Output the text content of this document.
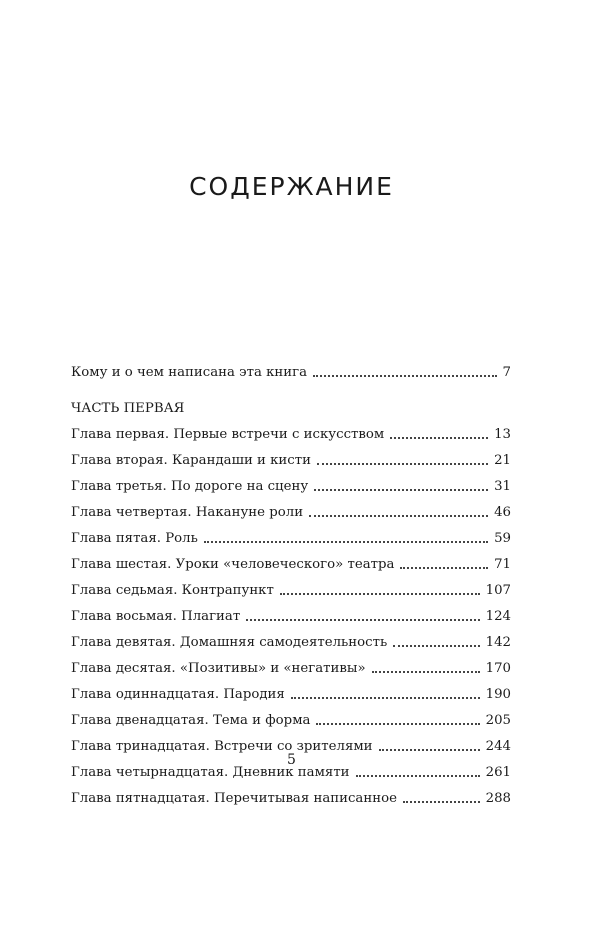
СОДЕРЖАНИЕ
Кому и о чем написана эта книга	7
ЧАСТЬ ПЕРВАЯ
Глава первая. Первые встречи с искусством	13
Глава вторая. Карандаши и кисти	21
Глава третья. По дороге на сцену	31
Глава четвертая. Накануне роли	46
Глава пятая. Роль	59
Глава шестая. Уроки «человеческого» театра	71
Глава седьмая. Контрапункт	107
Глава восьмая. Плагиат	124
Глава девятая. Домашняя самодеятельность	142
Глава десятая. «Позитивы» и «негативы»	170
Глава одиннадцатая. Пародия	190
Глава двенадцатая. Тема и форма	205
Глава тринадцатая. Встречи со зрителями	244
Глава четырнадцатая. Дневник памяти	261
Глава пятнадцатая. Перечитывая написанное	288
5
